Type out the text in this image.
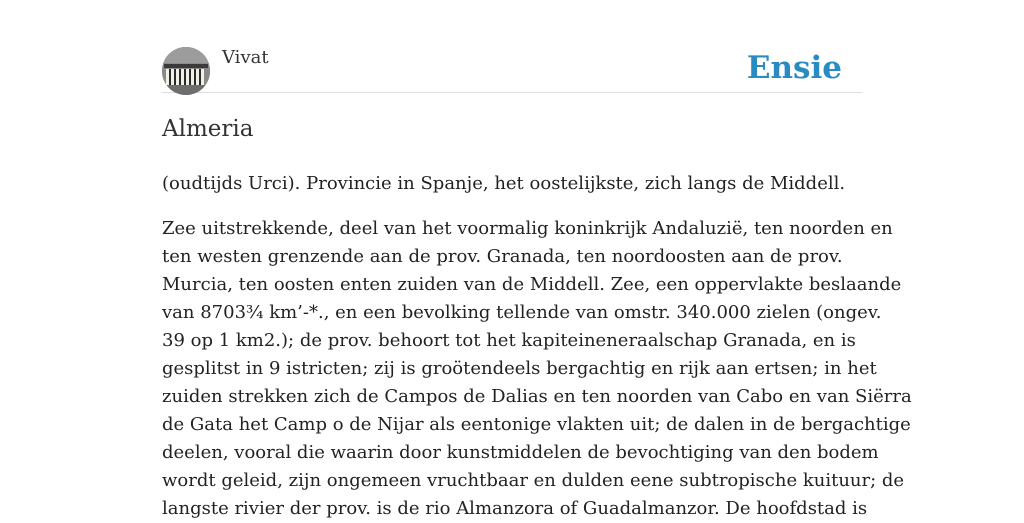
Vivat	Ensie
Almeria

(oudtijds Urci). Provincie in Spanje, het oostelijkste, zich langs de Middell.

Zee uitstrekkende, deel van het voormalig koninkrijk Andaluzië, ten noorden en
ten westen grenzende aan de prov. Granada, ten noordoosten aan de prov.
Murcia, ten oosten enten zuiden van de Middell. Zee, een oppervlakte beslaande
van 8703¾ km’-*., en een bevolking tellende van omstr. 340.000 zielen (ongev.
39 op 1 km2.); de prov. behoort tot het kapiteineneraalschap Granada, en is
gesplitst in 9 istricten; zij is groötendeels bergachtig en rijk aan ertsen; in het
zuiden strekken zich de Campos de Dalias en ten noorden van Cabo en van Siërra
de Gata het Camp o de Nijar als eentonige vlakten uit; de dalen in de bergachtige
deelen, vooral die waarin door kunstmiddelen de bevochtiging van den bodem
wordt geleid, zijn ongemeen vruchtbaar en dulden eene subtropische kuituur; de
langste rivier der prov. is de rio Almanzora of Guadalmanzor. De hoofdstad is
